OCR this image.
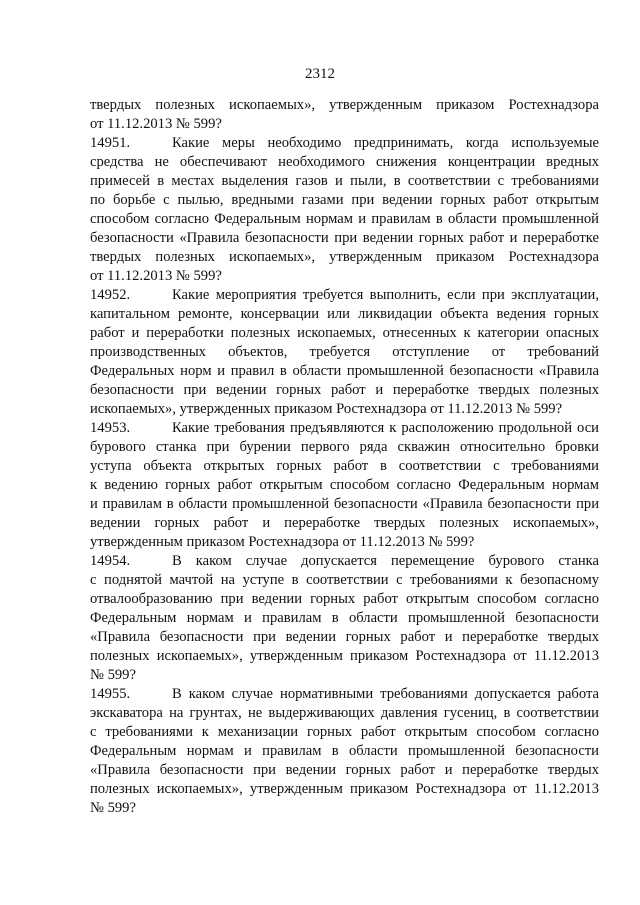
2312
твердых полезных ископаемых», утвержденным приказом Ростехнадзора
от 11.12.2013 № 599?
14951.	Какие меры необходимо предпринимать, когда используемые
средства не обеспечивают необходимого снижения концентрации вредных
примесей в местах выделения газов и пыли, в соответствии с требованиями
по борьбе с пылью, вредными газами при ведении горных работ открытым
способом согласно Федеральным нормам и правилам в области промышленной
безопасности «Правила безопасности при ведении горных работ и переработке
твердых полезных ископаемых», утвержденным приказом Ростехнадзора
от 11.12.2013 № 599?
14952.	Какие мероприятия требуется выполнить, если при эксплуатации,
капитальном ремонте, консервации или ликвидации объекта ведения горных
работ и переработки полезных ископаемых, отнесенных к категории опасных
производственных объектов, требуется отступление от требований
Федеральных норм и правил в области промышленной безопасности «Правила
безопасности при ведении горных работ и переработке твердых полезных
ископаемых», утвержденных приказом Ростехнадзора от 11.12.2013 № 599?
14953.	Какие требования предъявляются к расположению продольной оси
бурового станка при бурении первого ряда скважин относительно бровки
уступа объекта открытых горных работ в соответствии с требованиями
к ведению горных работ открытым способом согласно Федеральным нормам
и правилам в области промышленной безопасности «Правила безопасности при
ведении горных работ и переработке твердых полезных ископаемых»,
утвержденным приказом Ростехнадзора от 11.12.2013 № 599?
14954.	В каком случае допускается перемещение бурового станка
с поднятой мачтой на уступе в соответствии с требованиями к безопасному
отвалообразованию при ведении горных работ открытым способом согласно
Федеральным нормам и правилам в области промышленной безопасности
«Правила безопасности при ведении горных работ и переработке твердых
полезных ископаемых», утвержденным приказом Ростехнадзора от 11.12.2013
№ 599?
14955.	В каком случае нормативными требованиями допускается работа
экскаватора на грунтах, не выдерживающих давления гусениц, в соответствии
с требованиями к механизации горных работ открытым способом согласно
Федеральным нормам и правилам в области промышленной безопасности
«Правила безопасности при ведении горных работ и переработке твердых
полезных ископаемых», утвержденным приказом Ростехнадзора от 11.12.2013
№ 599?
